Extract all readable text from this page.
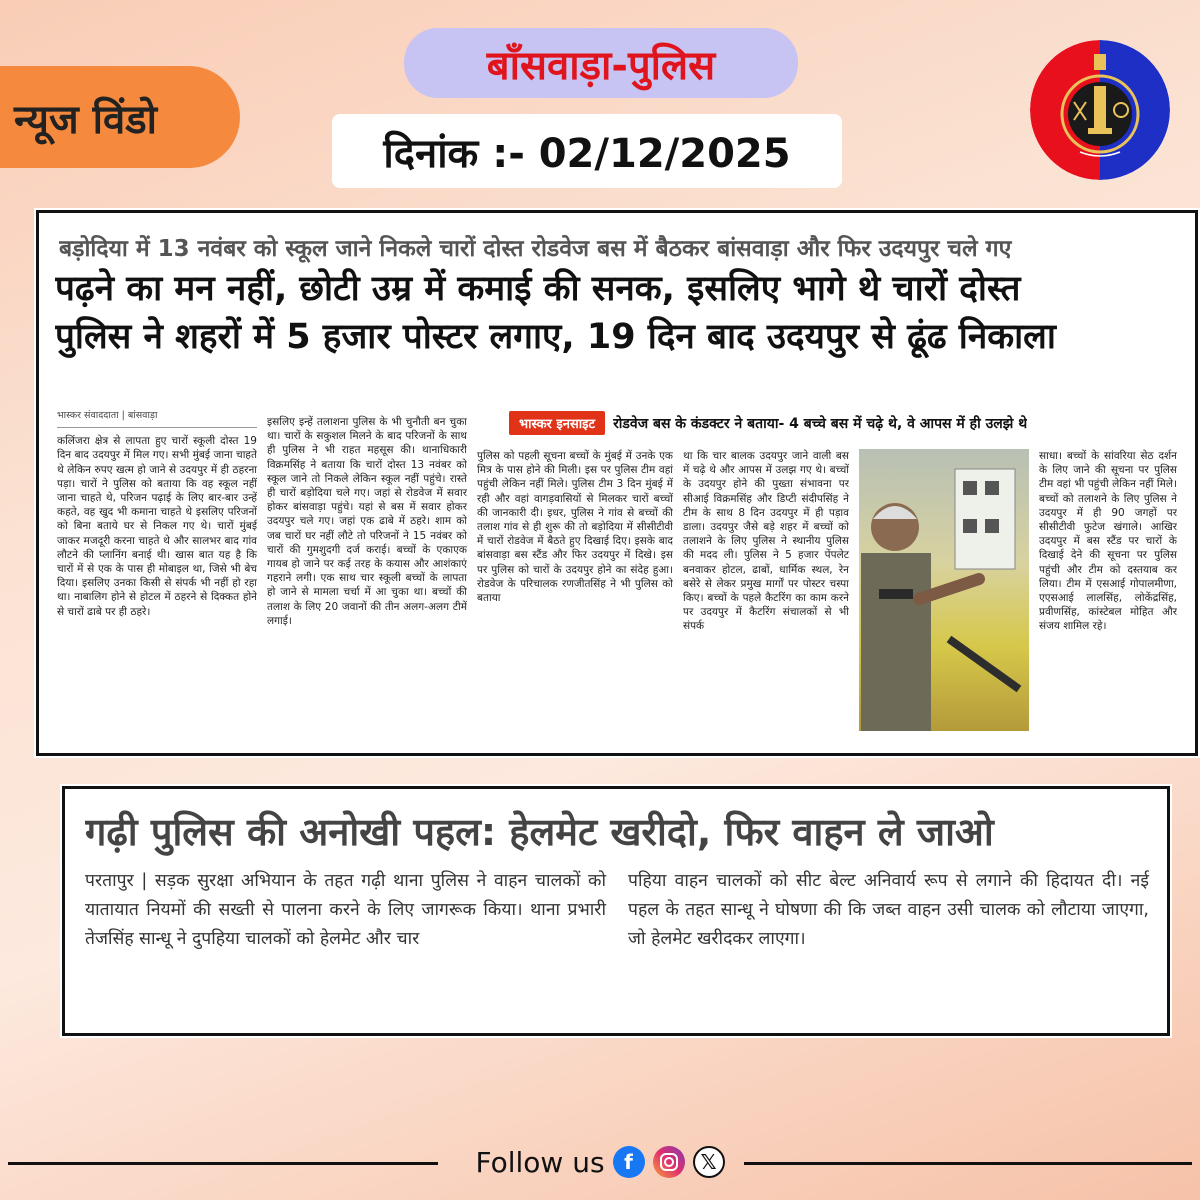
न्यूज विंडो
बाँसवाड़ा-पुलिस
दिनांक :- 02/12/2025
बड़ोदिया में 13 नवंबर को स्कूल जाने निकले चारों दोस्त रोडवेज बस में बैठकर बांसवाड़ा और फिर उदयपुर चले गए
पढ़ने का मन नहीं, छोटी उम्र में कमाई की सनक, इसलिए भागे थे चारों दोस्त
पुलिस ने शहरों में 5 हजार पोस्टर लगाए, 19 दिन बाद उदयपुर से ढूंढ निकाला
भास्कर इनसाइट	रोडवेज बस के कंडक्टर ने बताया- 4 बच्चे बस में चढ़े थे, वे आपस में ही उलझे थे
भास्कर संवाददाता | बांसवाड़ा
कलिंजरा क्षेत्र से लापता हुए चारों स्कूली दोस्त 19 दिन बाद उदयपुर में मिल गए। सभी मुंबई जाना चाहते थे लेकिन रुपए खत्म हो जाने से उदयपुर में ही ठहरना पड़ा। चारों ने पुलिस को बताया कि वह स्कूल नहीं जाना चाहते थे, परिजन पढ़ाई के लिए बार-बार उन्हें कहते, वह खुद भी कमाना चाहते थे इसलिए परिजनों को बिना बताये घर से निकल गए थे। चारों मुंबई जाकर मजदूरी करना चाहते थे और सालभर बाद गांव लौटने की प्लानिंग बनाई थी। खास बात यह है कि चारों में से एक के पास ही मोबाइल था, जिसे भी बेच दिया। इसलिए उनका किसी से संपर्क भी नहीं हो रहा था। नाबालिग होने से होटल में ठहरने से दिक्कत होने से चारों ढाबे पर ही ठहरे।
इसलिए इन्हें तलाशना पुलिस के भी चुनौती बन चुका था। चारों के सकुशल मिलने के बाद परिजनों के साथ ही पुलिस ने भी राहत महसूस की। थानाधिकारी विक्रमसिंह ने बताया कि चारों दोस्त 13 नवंबर को स्कूल जाने तो निकले लेकिन स्कूल नहीं पहुंचे। रास्ते ही चारों बड़ोदिया चले गए। जहां से रोडवेज में सवार होकर बांसवाड़ा पहुंचे। यहां से बस में सवार होकर उदयपुर चले गए। जहां एक ढाबे में ठहरे। शाम को जब चारों घर नहीं लौटे तो परिजनों ने 15 नवंबर को चारों की गुमशुदगी दर्ज कराई। बच्चों के एकाएक गायब हो जाने पर कई तरह के कयास और आशंकाएं गहराने लगी। एक साथ चार स्कूली बच्चों के लापता हो जाने से मामला चर्चा में आ चुका था। बच्चों की तलाश के लिए 20 जवानों की तीन अलग-अलग टीमें लगाई।
पुलिस को पहली सूचना बच्चों के मुंबई में उनके एक मित्र के पास होने की मिली। इस पर पुलिस टीम वहां पहुंची लेकिन नहीं मिले। पुलिस टीम 3 दिन मुंबई में रही और वहां वागड़वासियों से मिलकर चारों बच्चों की जानकारी दी। इधर, पुलिस ने गांव से बच्चों की तलाश गांव से ही शुरू की तो बड़ोदिया में सीसीटीवी में चारों रोडवेज में बैठते हुए दिखाई दिए। इसके बाद बांसवाड़ा बस स्टैंड और फिर उदयपुर में दिखे। इस पर पुलिस को चारों के उदयपुर होने का संदेह हुआ। रोडवेज के परिचालक रणजीतसिंह ने भी पुलिस को बताया
था कि चार बालक उदयपुर जाने वाली बस में चढ़े थे और आपस में उलझ गए थे। बच्चों के उदयपुर होने की पुख्ता संभावना पर सीआई विक्रमसिंह और डिप्टी संदीपसिंह ने टीम के साथ 8 दिन उदयपुर में ही पड़ाव डाला। उदयपुर जैसे बड़े शहर में बच्चों को तलाशने के लिए पुलिस ने स्थानीय पुलिस की मदद ली। पुलिस ने 5 हजार पेंपलेट बनवाकर होटल, ढाबों, धार्मिक स्थल, रेन बसेरे से लेकर प्रमुख मार्गों पर पोस्टर चस्पा किए। बच्चों के पहले कैटरिंग का काम करने पर उदयपुर में कैटरिंग संचालकों से भी संपर्क
साधा। बच्चों के सांवरिया सेठ दर्शन के लिए जाने की सूचना पर पुलिस टीम वहां भी पहुंची लेकिन नहीं मिले। बच्चों को तलाशने के लिए पुलिस ने उदयपुर में ही 90 जगहों पर सीसीटीवी फुटेज खंगाले। आखिर उदयपुर में बस स्टैंड पर चारों के दिखाई देने की सूचना पर पुलिस पहुंची और टीम को दस्तयाब कर लिया। टीम में एसआई गोपालमीणा, एएसआई लालसिंह, लोकेंद्रसिंह, प्रवीणसिंह, कांस्टेबल मोहित और संजय शामिल रहे।
गढ़ी पुलिस की अनोखी पहल: हेलमेट खरीदो, फिर वाहन ले जाओ
परतापुर | सड़क सुरक्षा अभियान के तहत गढ़ी थाना पुलिस ने वाहन चालकों को यातायात नियमों की सख्ती से पालना करने के लिए जागरूक किया। थाना प्रभारी तेजसिंह सान्धू ने दुपहिया चालकों को हेलमेट और चार
पहिया वाहन चालकों को सीट बेल्ट अनिवार्य रूप से लगाने की हिदायत दी। नई पहल के तहत सान्धू ने घोषणा की कि जब्त वाहन उसी चालक को लौटाया जाएगा, जो हेलमेट खरीदकर लाएगा।
Follow us f	𝕏
